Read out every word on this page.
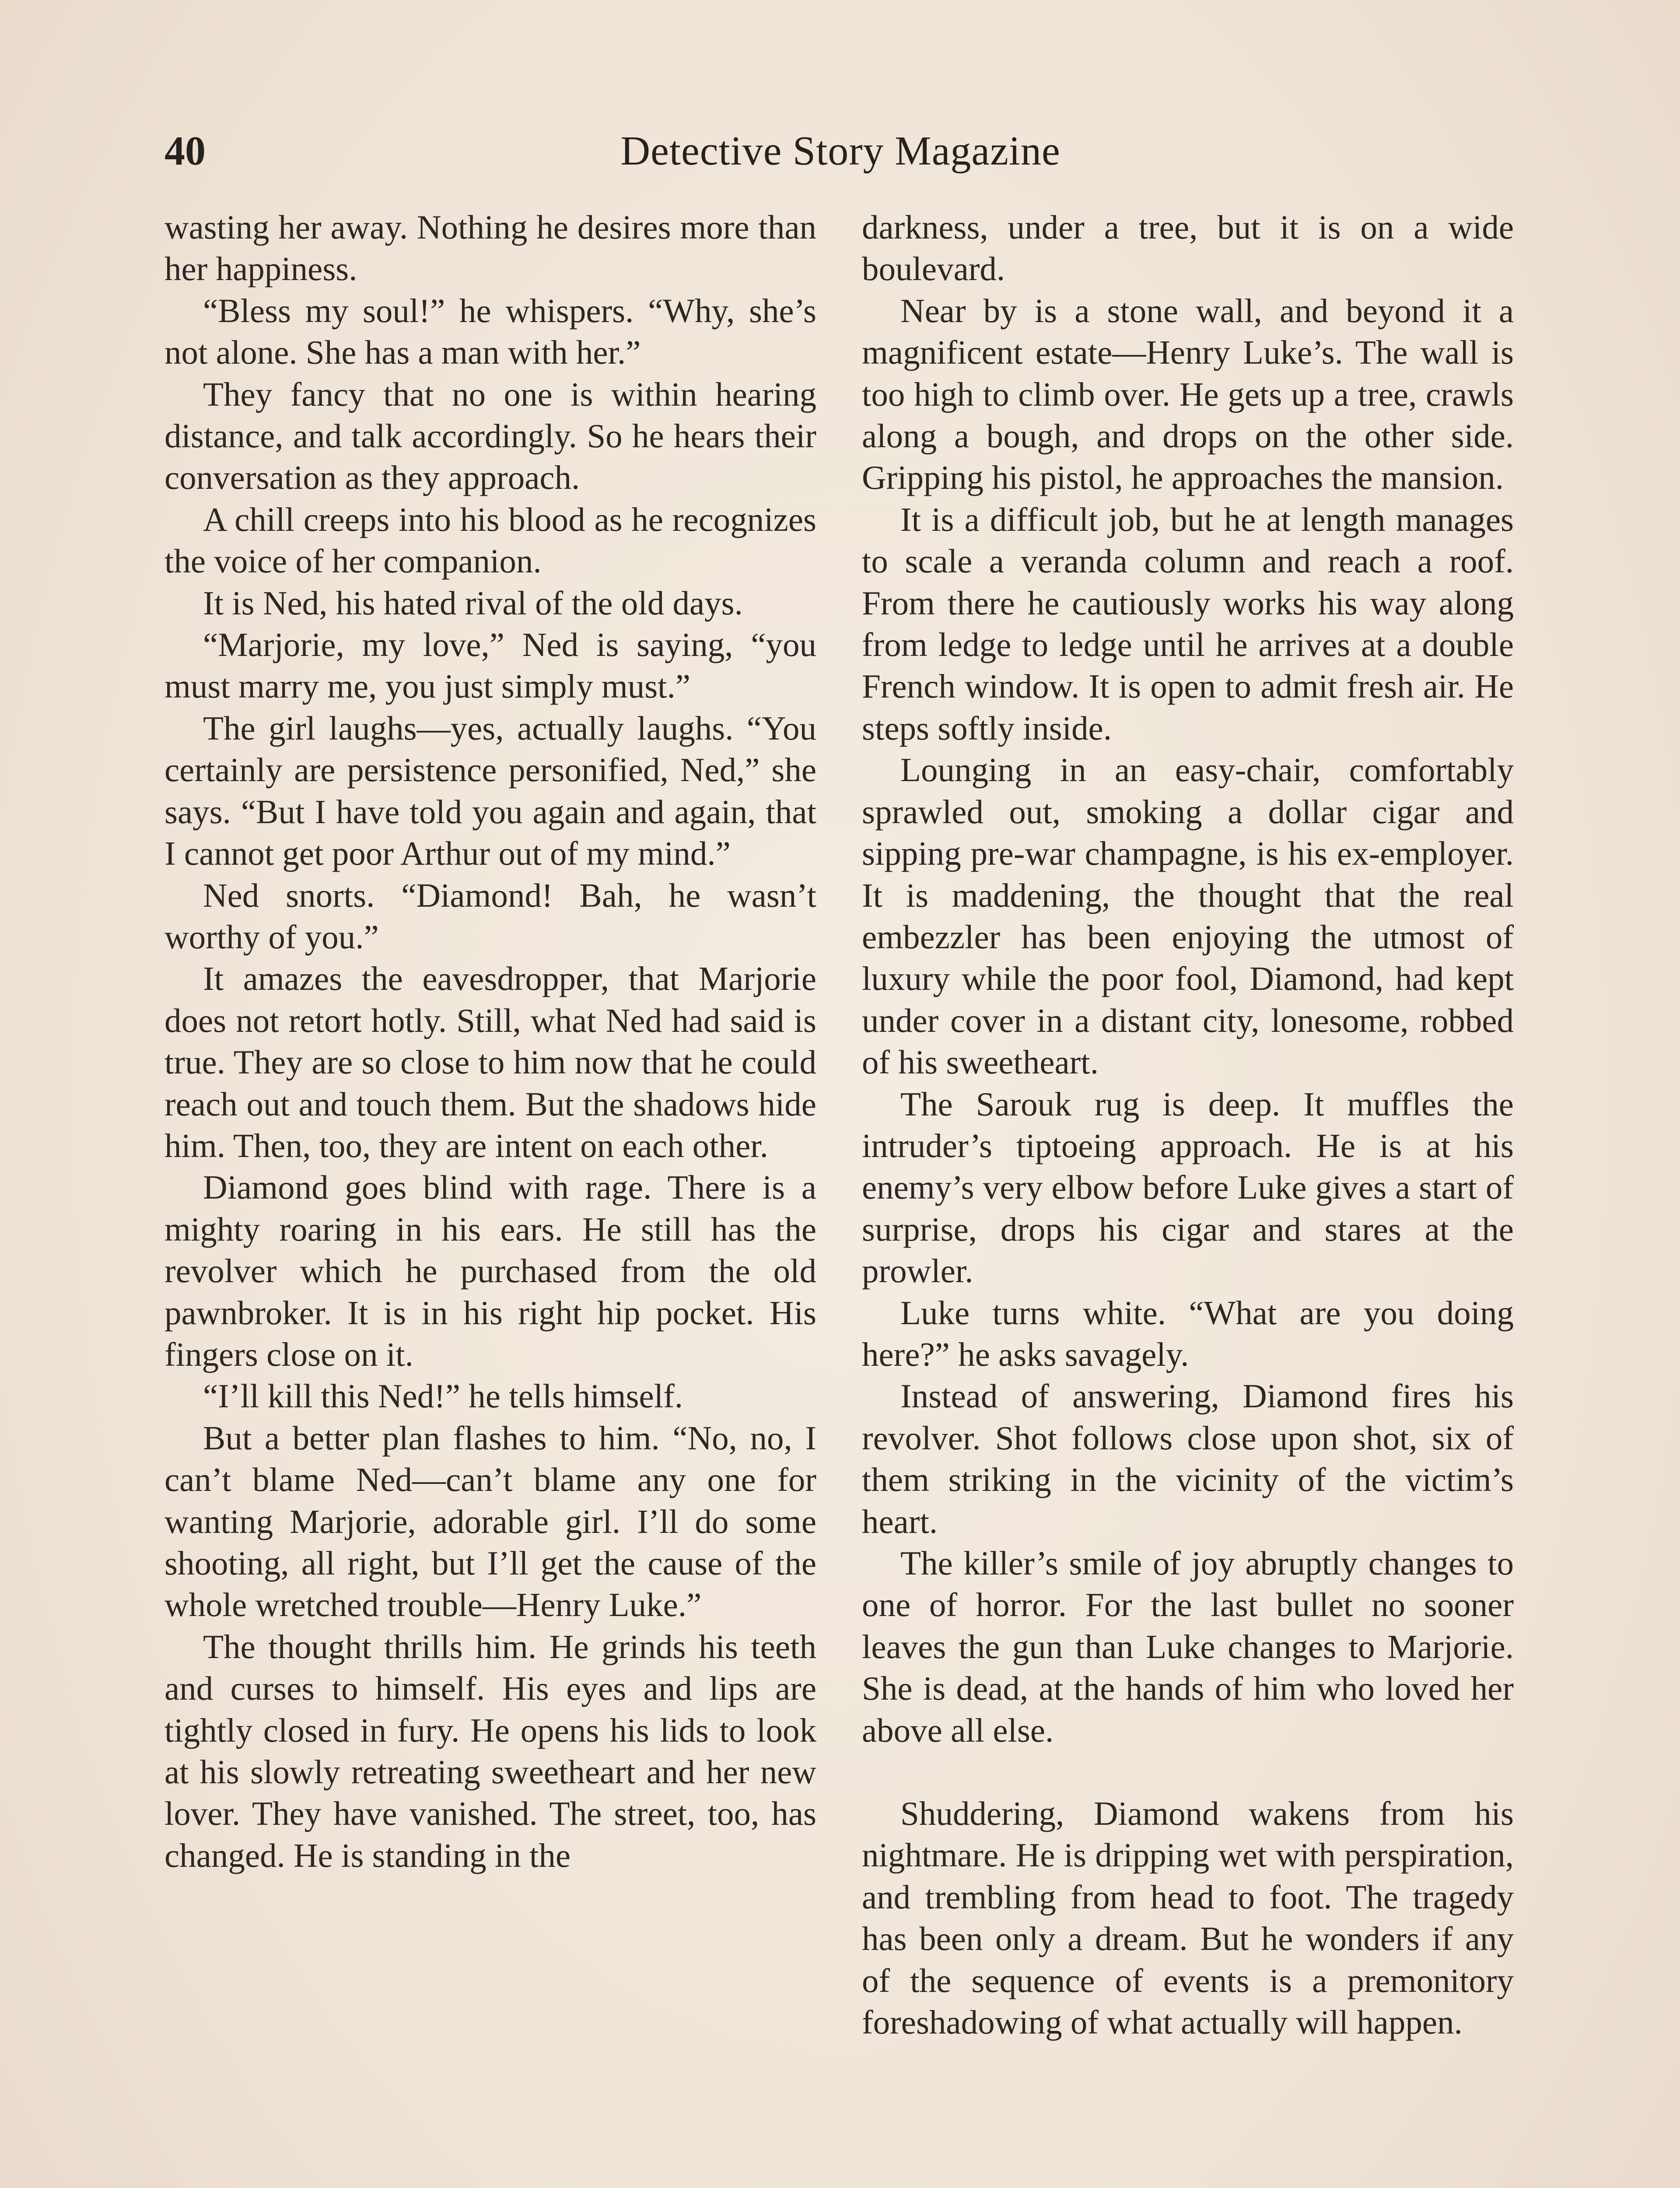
Detective Story Magazine
40

wasting her away. Nothing he desires more than her happiness.

“Bless my soul!” he whispers. “Why, she’s not alone. She has a man with her.”

They fancy that no one is within hearing distance, and talk accordingly. So he hears their conversation as they approach.

A chill creeps into his blood as he recognizes the voice of her companion.

It is Ned, his hated rival of the old days.

“Marjorie, my love,” Ned is saying, “you must marry me, you just simply must.”

The girl laughs—yes, actually laughs. “You certainly are persistence personified, Ned,” she says. “But I have told you again and again, that I cannot get poor Arthur out of my mind.”

Ned snorts. “Diamond! Bah, he wasn’t worthy of you.”

It amazes the eavesdropper, that Marjorie does not retort hotly. Still, what Ned had said is true. They are so close to him now that he could reach out and touch them. But the shadows hide him. Then, too, they are intent on each other.

Diamond goes blind with rage. There is a mighty roaring in his ears. He still has the revolver which he purchased from the old pawnbroker. It is in his right hip pocket. His fingers close on it.

“I’ll kill this Ned!” he tells himself.

But a better plan flashes to him. “No, no, I can’t blame Ned—can’t blame any one for wanting Marjorie, adorable girl. I’ll do some shooting, all right, but I’ll get the cause of the whole wretched trouble—Henry Luke.”

The thought thrills him. He grinds his teeth and curses to himself. His eyes and lips are tightly closed in fury. He opens his lids to look at his slowly retreating sweetheart and her new lover. They have vanished. The street, too, has changed. He is standing in the

darkness, under a tree, but it is on a wide boulevard.

Near by is a stone wall, and beyond it a magnificent estate—Henry Luke’s. The wall is too high to climb over. He gets up a tree, crawls along a bough, and drops on the other side. Gripping his pistol, he approaches the mansion.

It is a difficult job, but he at length manages to scale a veranda column and reach a roof. From there he cautiously works his way along from ledge to ledge until he arrives at a double French window. It is open to admit fresh air. He steps softly inside.

Lounging in an easy-chair, comfortably sprawled out, smoking a dollar cigar and sipping pre-war champagne, is his ex-employer. It is maddening, the thought that the real embezzler has been enjoying the utmost of luxury while the poor fool, Diamond, had kept under cover in a distant city, lonesome, robbed of his sweetheart.

The Sarouk rug is deep. It muffles the intruder’s tiptoeing approach. He is at his enemy’s very elbow before Luke gives a start of surprise, drops his cigar and stares at the prowler.

Luke turns white. “What are you doing here?” he asks savagely.

Instead of answering, Diamond fires his revolver. Shot follows close upon shot, six of them striking in the vicinity of the victim’s heart.

The killer’s smile of joy abruptly changes to one of horror. For the last bullet no sooner leaves the gun than Luke changes to Marjorie. She is dead, at the hands of him who loved her above all else.

Shuddering, Diamond wakens from his nightmare. He is dripping wet with perspiration, and trembling from head to foot. The tragedy has been only a dream. But he wonders if any of the sequence of events is a premonitory foreshadowing of what actually will happen.
